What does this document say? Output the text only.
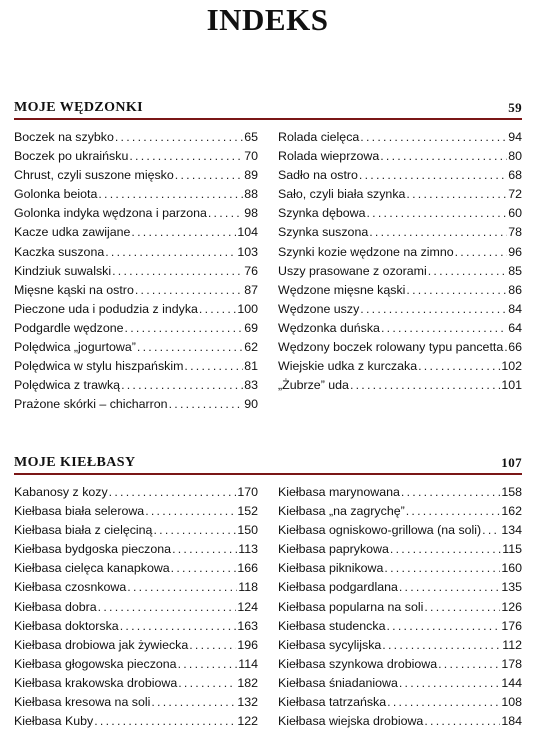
INDEKS
MOJE WĘDZONKI	59
Boczek na szybko . . .	65
Boczek po ukraińsku . . .	70
Chrust, czyli suszone mięsko . . .	89
Golonka beiota . . .	88
Golonka indyka wędzona i parzona . . .	98
Kacze udka zawijane . . .	104
Kaczka suszona . . .	103
Kindziuk suwalski . . .	76
Mięsne kąski na ostro . . .	87
Pieczone uda i podudzia z indyka . . .	100
Podgardle wędzone . . .	69
Polędwica „jogurtowa” . . .	62
Polędwica w stylu hiszpańskim . . .	81
Polędwica z trawką . . .	83
Prażone skórki – chicharron . . .	90
Rolada cielęca . . .	94
Rolada wieprzowa . . .	80
Sadło na ostro . . .	68
Sało, czyli biała szynka . . .	72
Szynka dębowa . . .	60
Szynka suszona . . .	78
Szynki kozie wędzone na zimno . . .	96
Uszy prasowane z ozorami . . .	85
Wędzone mięsne kąski . . .	86
Wędzone uszy . . .	84
Wędzonka duńska . . .	64
Wędzony boczek rolowany typu pancetta . . . 66
Wiejskie udka z kurczaka . . .	102
„Żubrze” uda . . .	101
MOJE KIEŁBASY	107
Kabanosy z kozy . . .	170
Kiełbasa biała selerowa . . .	152
Kiełbasa biała z cielęciną . . .	150
Kiełbasa bydgoska pieczona . . .	113
Kiełbasa cielęca kanapkowa . . .	166
Kiełbasa czosnkowa . . .	118
Kiełbasa dobra . . .	124
Kiełbasa doktorska . . .	163
Kiełbasa drobiowa jak żywiecka . . .	196
Kiełbasa głogowska pieczona . . .	114
Kiełbasa krakowska drobiowa . . .	182
Kiełbasa kresowa na soli . . .	132
Kiełbasa Kuby . . .	122
Kiełbasa marynowana . . .	158
Kiełbasa „na zagrychę” . . .	162
Kiełbasa ogniskowo-grillowa (na soli) . . . 134
Kiełbasa paprykowa . . .	115
Kiełbasa piknikowa . . .	160
Kiełbasa podgardlana . . .	135
Kiełbasa popularna na soli . . .	126
Kiełbasa studencka . . .	176
Kiełbasa sycylijska . . .	112
Kiełbasa szynkowa drobiowa . . .	178
Kiełbasa śniadaniowa . . .	144
Kiełbasa tatrzańska . . .	108
Kiełbasa wiejska drobiowa . . .	184
